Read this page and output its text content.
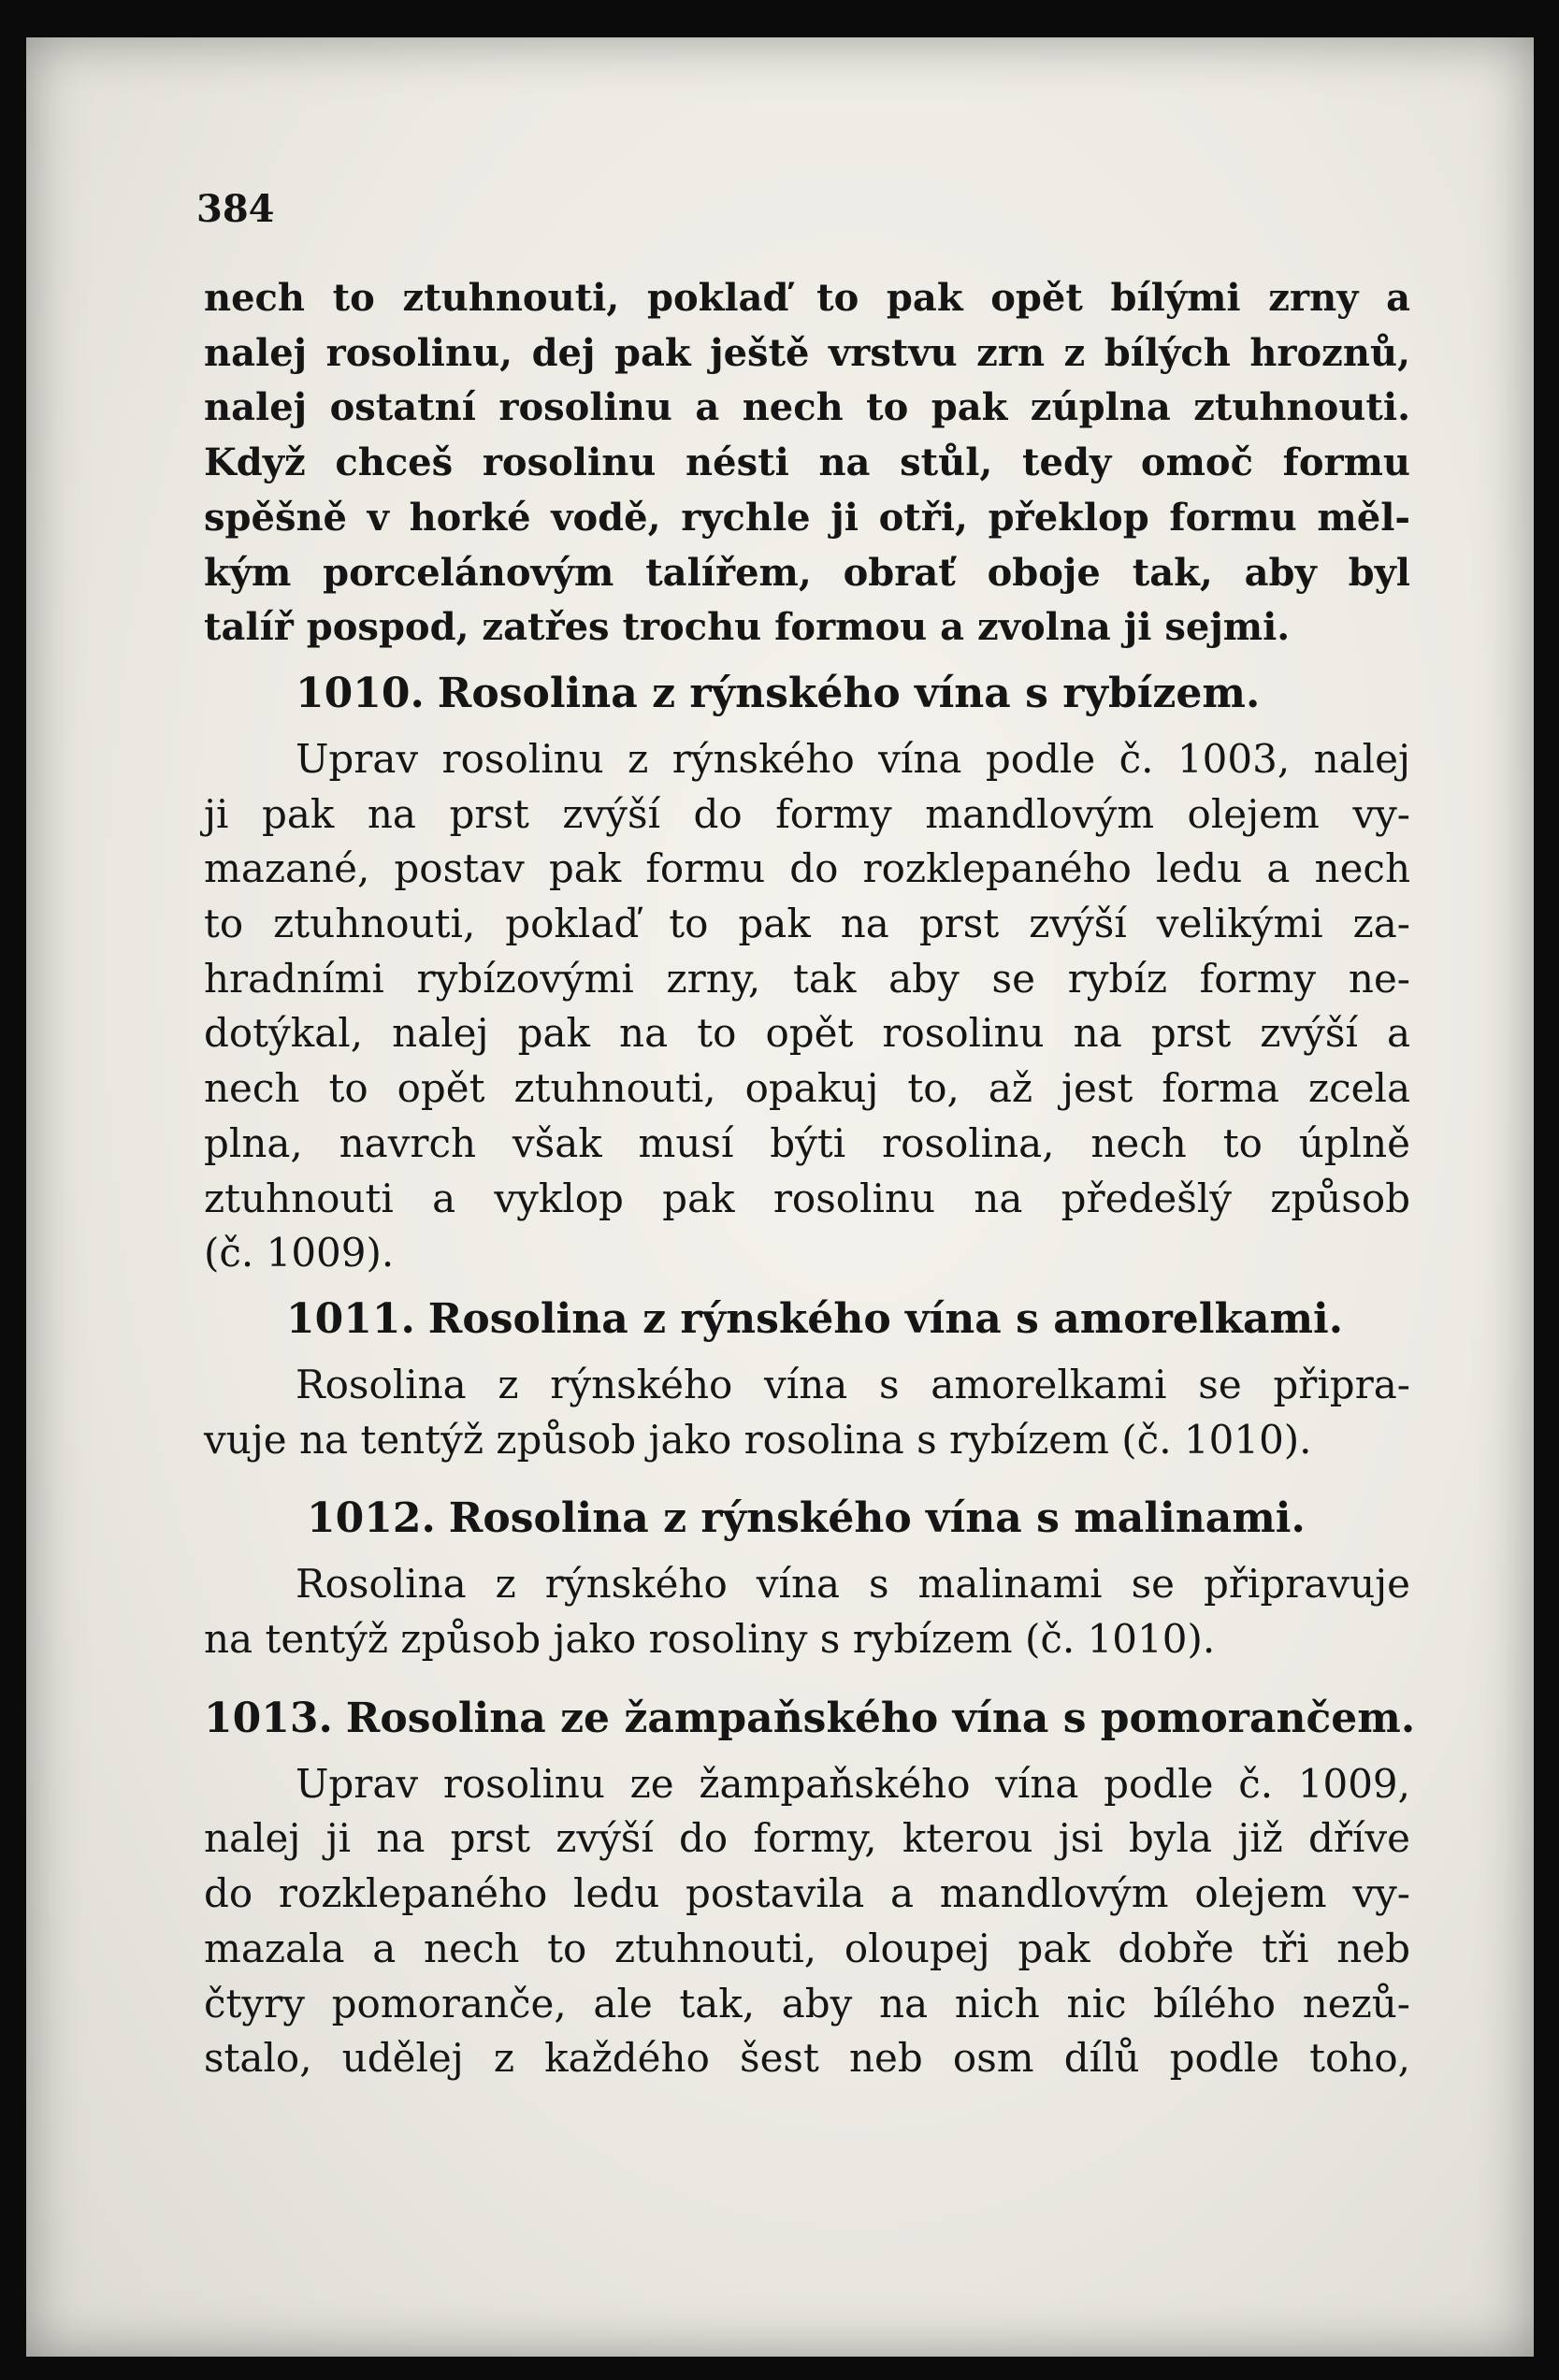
384
nech to ztuhnouti, poklaď to pak opět bílými zrny a
nalej rosolinu, dej pak ještě vrstvu zrn z bílých hroznů,
nalej ostatní rosolinu a nech to pak zúplna ztuhnouti.
Když chceš rosolinu nésti na stůl, tedy omoč formu
spěšně v horké vodě, rychle ji otři, překlop formu měl-
kým porcelánovým talířem, obrať oboje tak, aby byl
talíř pospod, zatřes trochu formou a zvolna ji sejmi.
1010. Rosolina z rýnského vína s rybízem.
Uprav rosolinu z rýnského vína podle č. 1003, nalej
ji pak na prst zvýší do formy mandlovým olejem vy-
mazané, postav pak formu do rozklepaného ledu a nech
to ztuhnouti, poklaď to pak na prst zvýší velikými za-
hradními rybízovými zrny, tak aby se rybíz formy ne-
dotýkal, nalej pak na to opět rosolinu na prst zvýší a
nech to opět ztuhnouti, opakuj to, až jest forma zcela
plna, navrch však musí býti rosolina, nech to úplně
ztuhnouti a vyklop pak rosolinu na předešlý způsob
(č. 1009).
1011. Rosolina z rýnského vína s amorelkami.
Rosolina z rýnského vína s amorelkami se připra-
vuje na tentýž způsob jako rosolina s rybízem (č. 1010).
1012. Rosolina z rýnského vína s malinami.
Rosolina z rýnského vína s malinami se připravuje
na tentýž způsob jako rosoliny s rybízem (č. 1010).
1013. Rosolina ze žampaňského vína s pomorančem.
Uprav rosolinu ze žampaňského vína podle č. 1009,
nalej ji na prst zvýší do formy, kterou jsi byla již dříve
do rozklepaného ledu postavila a mandlovým olejem vy-
mazala a nech to ztuhnouti, oloupej pak dobře tři neb
čtyry pomoranče, ale tak, aby na nich nic bílého nezů-
stalo, udělej z každého šest neb osm dílů podle toho,
